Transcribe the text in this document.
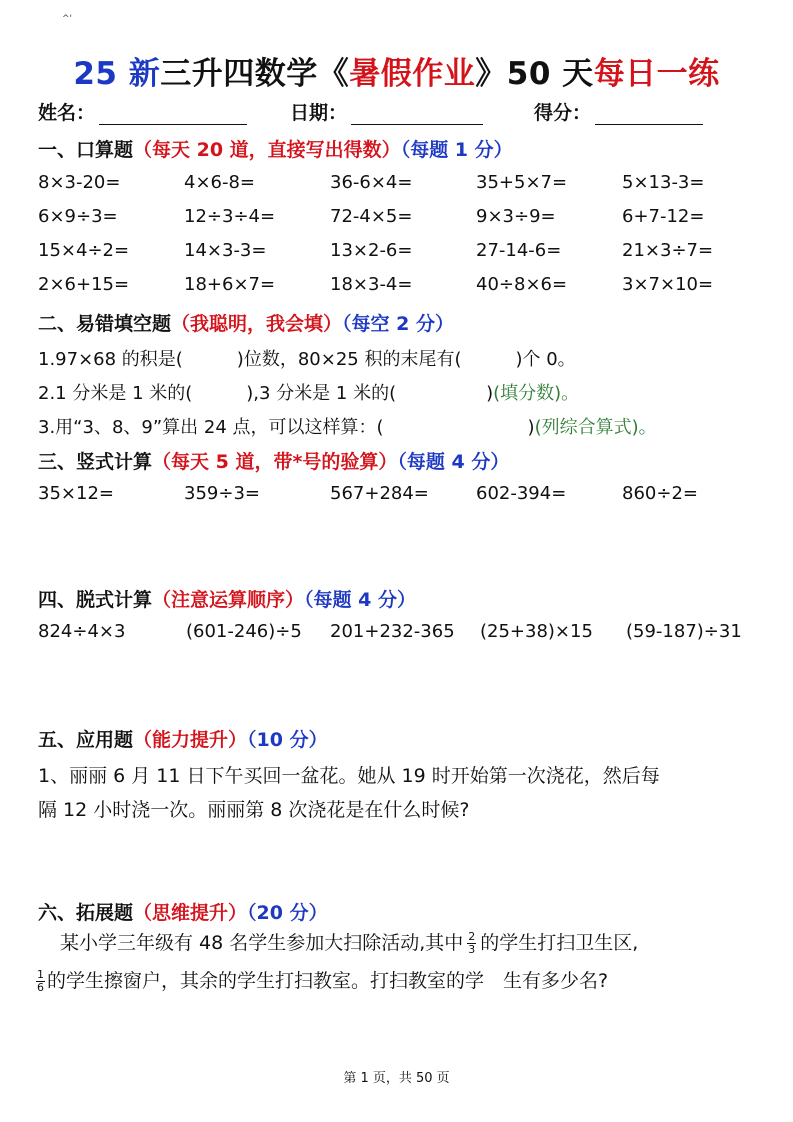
^'
25 新三升四数学《暑假作业》50 天每日一练
姓名：	日期：	得分：
一、口算题（每天 20 道，直接写出得数）（每题 1 分）
8×3-20=	4×6-8=	36-6×4=	35+5×7=	5×13-3=
6×9÷3=	12÷3÷4=	72-4×5=	9×3÷9=	6+7-12=
15×4÷2=	14×3-3=	13×2-6=	27-14-6=	21×3÷7=
2×6+15=	18+6×7=	18×3-4=	40÷8×6=	3×7×10=
二、易错填空题（我聪明，我会填）（每空 2 分）
1.97×68 的积是(　　　)位数，80×25 积的末尾有(　　　)个 0。
2.1 分米是 1 米的(　　　),3 分米是 1 米的(　　　　　)(填分数)。
3.用“3、8、9”算出 24 点，可以这样算：(　　　　　　　　)(列综合算式)。
三、竖式计算（每天 5 道，带*号的验算）（每题 4 分）
35×12=	359÷3=	567+284=	602-394=	860÷2=
四、脱式计算（注意运算顺序）（每题 4 分）
824÷4×3	(601-246)÷5 201+232-365 (25+38)×15 (59-187)÷31
五、应用题（能力提升）（10 分）
1、丽丽 6 月 11 日下午买回一盆花。她从 19 时开始第一次浇花，然后每
隔 12 小时浇一次。丽丽第 8 次浇花是在什么时候?
六、拓展题（思维提升）（20 分）
某小学三年级有 48 名学生参加大扫除活动,其中 $\frac{2}{3}$ 的学生打扫卫生区,
$\frac{1}{6}$ 的学生擦窗户，其余的学生打扫教室。打扫教室的学　生有多少名?
第 1 页，共 50 页
